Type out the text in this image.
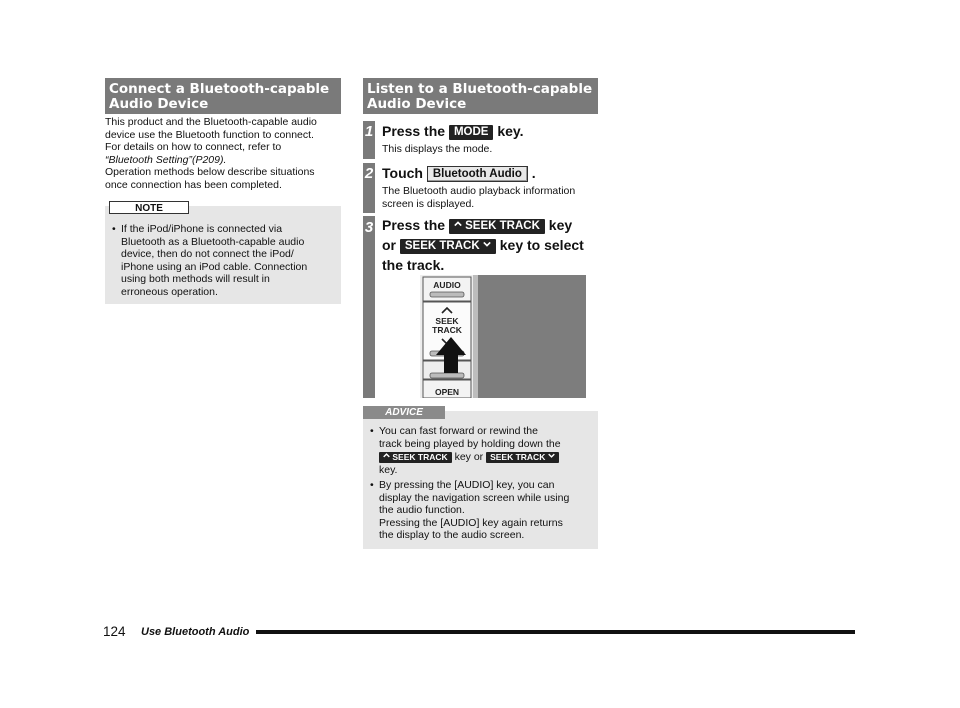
Connect a Bluetooth-capable
Audio Device
This product and the Bluetooth-capable audio
device use the Bluetooth function to connect.
For details on how to connect, refer to
“Bluetooth Setting”(P209).
Operation methods below describe situations
once connection has been completed.
NOTE
• If the iPod/iPhone is connected via
Bluetooth as a Bluetooth-capable audio
device, then do not connect the iPod/
iPhone using an iPod cable. Connection
using both methods will result in
erroneous operation.
Listen to a Bluetooth-capable
Audio Device
1 Press the MODE key.
This displays the mode.
2 Touch Bluetooth Audio .
The Bluetooth audio playback information
screen is displayed.
3 Press the SEEK TRACK key
or SEEK TRACK key to select
the track.
AUDIO
SEEK
TRACK
OPEN
ADVICE
• You can fast forward or rewind the
track being played by holding down the
SEEK TRACK key or SEEK TRACK
key.
• By pressing the [AUDIO] key, you can
display the navigation screen while using
the audio function.
Pressing the [AUDIO] key again returns
the display to the audio screen.
124 Use Bluetooth Audio
